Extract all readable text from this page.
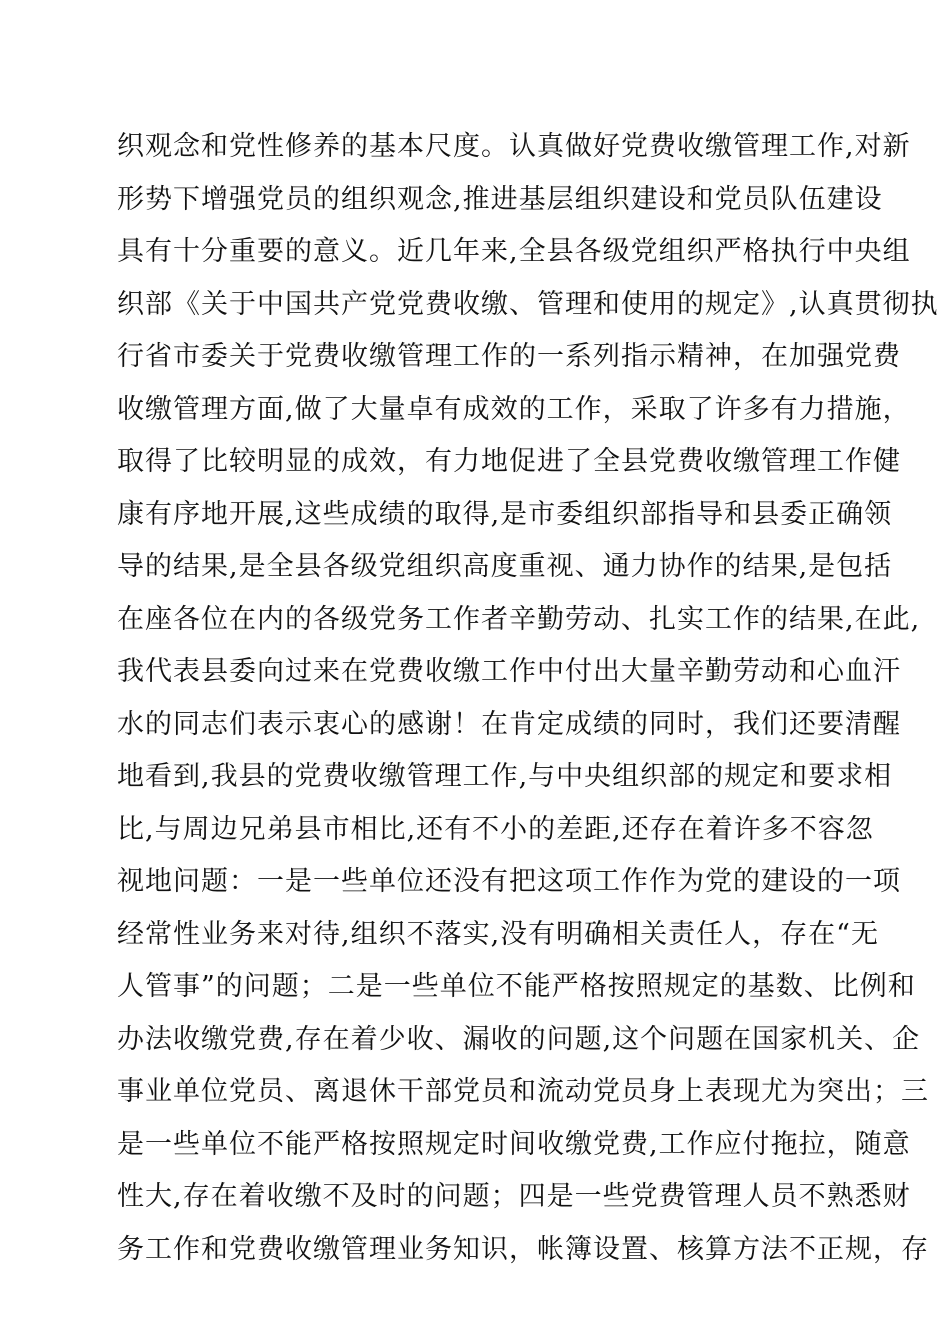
织观念和党性修养的基本尺度。认真做好党费收缴管理工作,对新
形势下增强党员的组织观念,推进基层组织建设和党员队伍建设
具有十分重要的意义。近几年来,全县各级党组织严格执行中央组
织部《关于中国共产党党费收缴、管理和使用的规定》,认真贯彻执
行省市委关于党费收缴管理工作的一系列指示精神，在加强党费
收缴管理方面,做了大量卓有成效的工作，采取了许多有力措施，
取得了比较明显的成效，有力地促进了全县党费收缴管理工作健
康有序地开展,这些成绩的取得,是市委组织部指导和县委正确领
导的结果,是全县各级党组织高度重视、通力协作的结果,是包括
在座各位在内的各级党务工作者辛勤劳动、扎实工作的结果,在此,
我代表县委向过来在党费收缴工作中付出大量辛勤劳动和心血汗
水的同志们表示衷心的感谢！在肯定成绩的同时，我们还要清醒
地看到,我县的党费收缴管理工作,与中央组织部的规定和要求相
比,与周边兄弟县市相比,还有不小的差距,还存在着许多不容忽
视地问题：一是一些单位还没有把这项工作作为党的建设的一项
经常性业务来对待,组织不落实,没有明确相关责任人，存在“无
人管事”的问题；二是一些单位不能严格按照规定的基数、比例和
办法收缴党费,存在着少收、漏收的问题,这个问题在国家机关、企
事业单位党员、离退休干部党员和流动党员身上表现尤为突出；三
是一些单位不能严格按照规定时间收缴党费,工作应付拖拉，随意
性大,存在着收缴不及时的问题；四是一些党费管理人员不熟悉财
务工作和党费收缴管理业务知识，帐簿设置、核算方法不正规，存
